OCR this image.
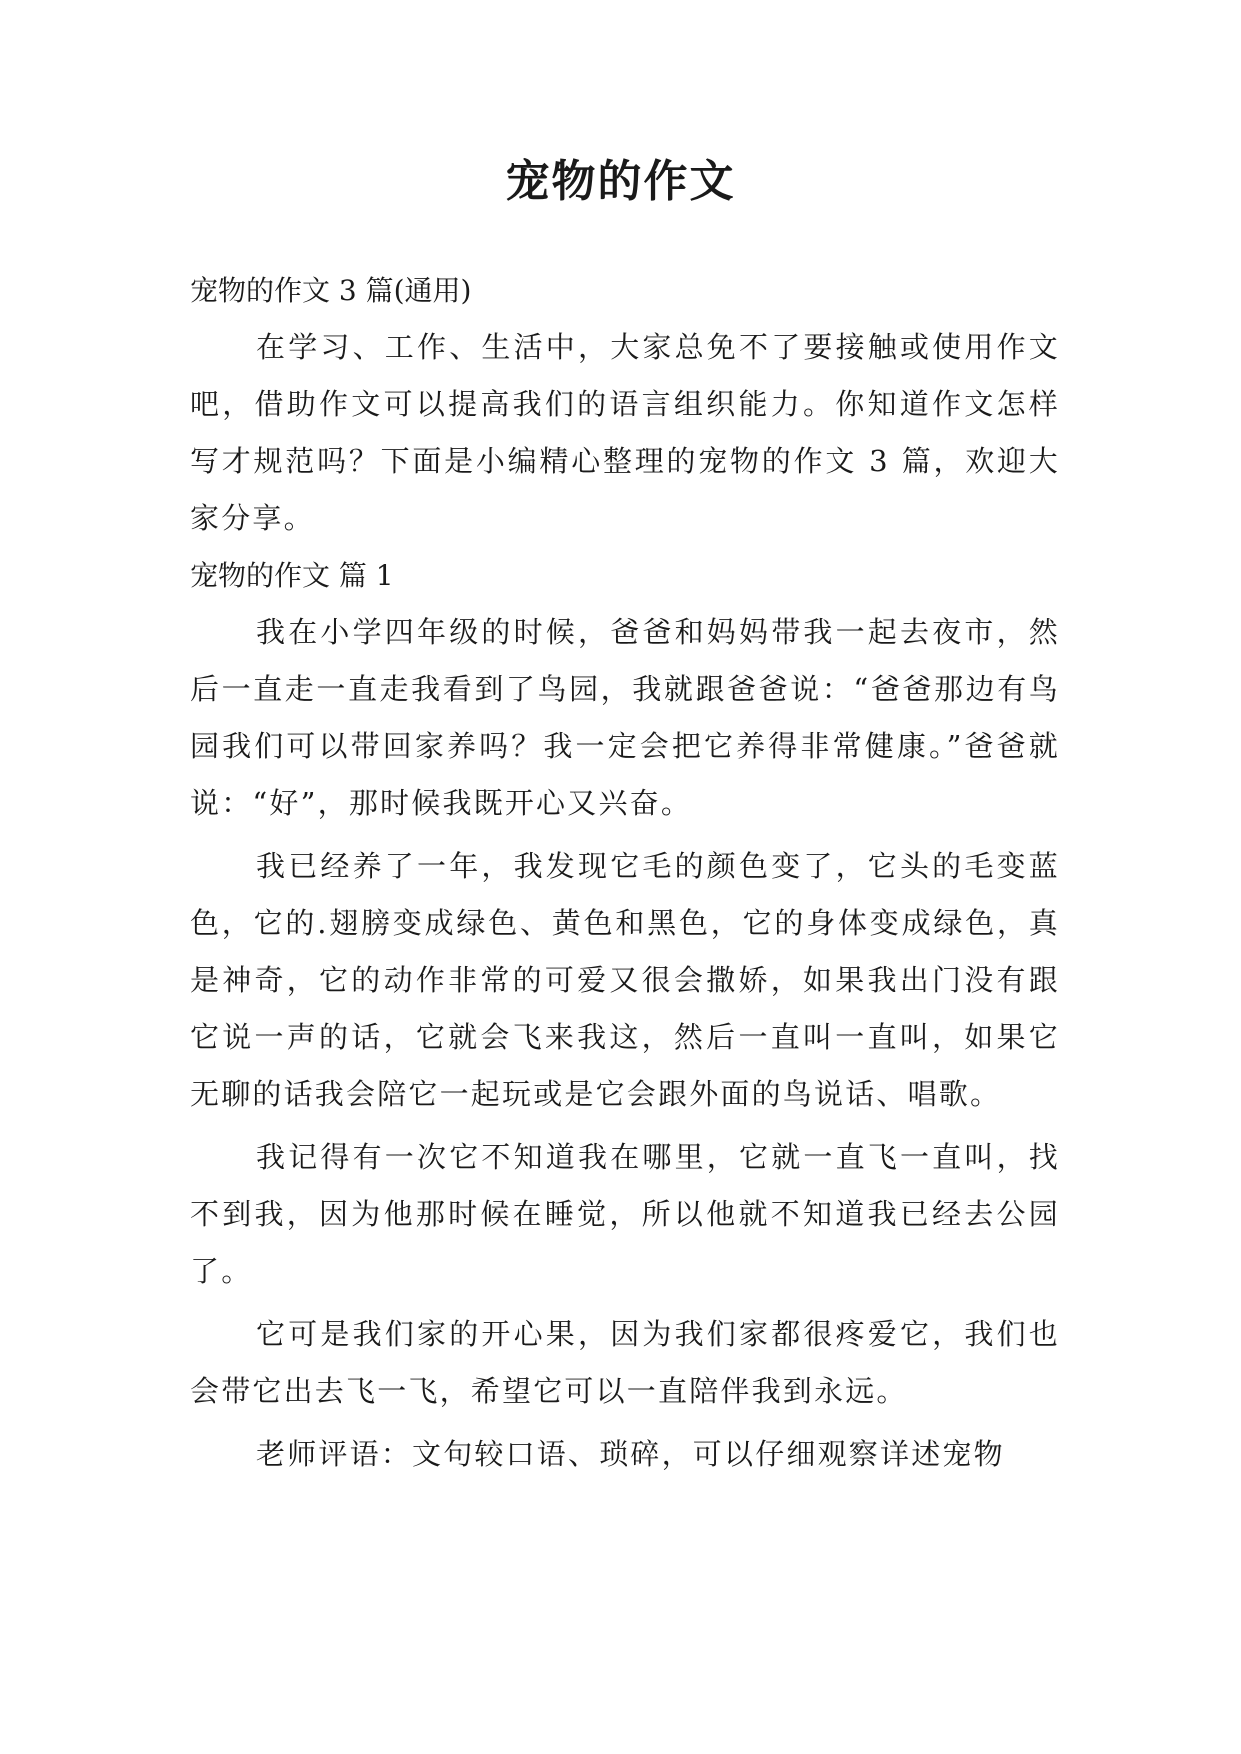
宠物的作文

宠物的作文 3 篇(通用)

在学习、工作、生活中，大家总免不了要接触或使用作文吧，借助作文可以提高我们的语言组织能力。你知道作文怎样写才规范吗？下面是小编精心整理的宠物的作文 3 篇，欢迎大家分享。

宠物的作文 篇 1

我在小学四年级的时候，爸爸和妈妈带我一起去夜市，然后一直走一直走我看到了鸟园，我就跟爸爸说：“爸爸那边有鸟园我们可以带回家养吗？我一定会把它养得非常健康。”爸爸就说：“好”，那时候我既开心又兴奋。

我已经养了一年，我发现它毛的颜色变了，它头的毛变蓝色，它的.翅膀变成绿色、黄色和黑色，它的身体变成绿色，真是神奇，它的动作非常的可爱又很会撒娇，如果我出门没有跟它说一声的话，它就会飞来我这，然后一直叫一直叫，如果它无聊的话我会陪它一起玩或是它会跟外面的鸟说话、唱歌。

我记得有一次它不知道我在哪里，它就一直飞一直叫，找不到我，因为他那时候在睡觉，所以他就不知道我已经去公园了。

它可是我们家的开心果，因为我们家都很疼爱它，我们也会带它出去飞一飞，希望它可以一直陪伴我到永远。

老师评语：文句较口语、琐碎，可以仔细观察详述宠物
